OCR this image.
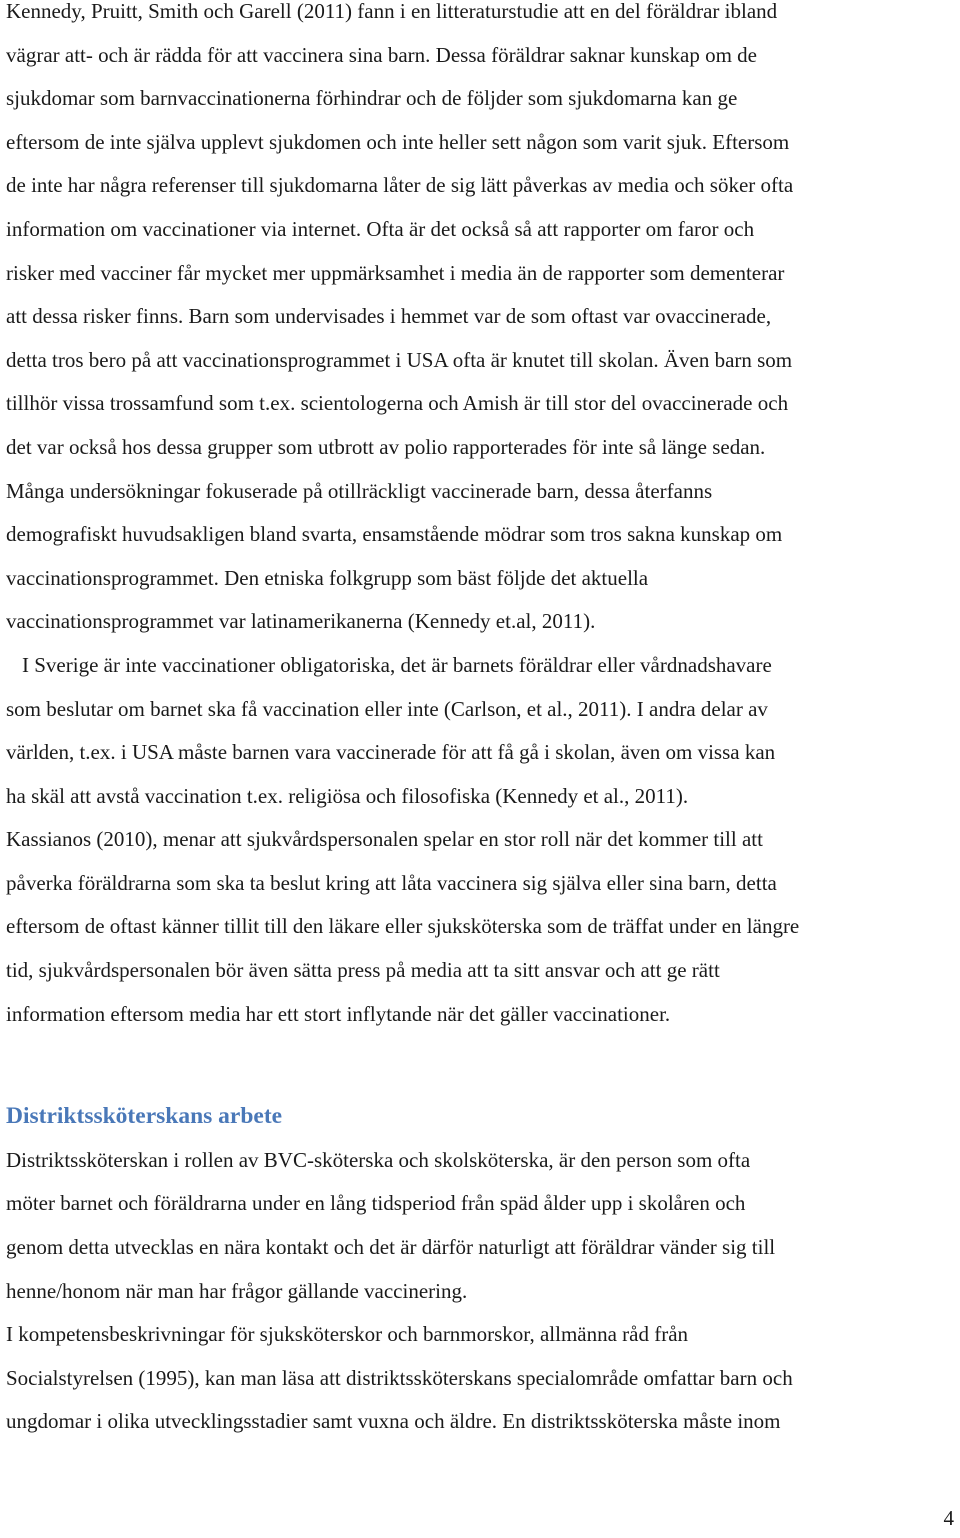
Kennedy, Pruitt, Smith och Garell (2011) fann i en litteraturstudie att en del föräldrar ibland
vägrar att- och är rädda för att vaccinera sina barn. Dessa föräldrar saknar kunskap om de
sjukdomar som barnvaccinationerna förhindrar och de följder som sjukdomarna kan ge
eftersom de inte själva upplevt sjukdomen och inte heller sett någon som varit sjuk. Eftersom
de inte har några referenser till sjukdomarna låter de sig lätt påverkas av media och söker ofta
information om vaccinationer via internet. Ofta är det också så att rapporter om faror och
risker med vacciner får mycket mer uppmärksamhet i media än de rapporter som dementerar
att dessa risker finns. Barn som undervisades i hemmet var de som oftast var ovaccinerade,
detta tros bero på att vaccinationsprogrammet i USA ofta är knutet till skolan. Även barn som
tillhör vissa trossamfund som t.ex. scientologerna och Amish är till stor del ovaccinerade och
det var också hos dessa grupper som utbrott av polio rapporterades för inte så länge sedan.
Många undersökningar fokuserade på otillräckligt vaccinerade barn, dessa återfanns
demografiskt huvudsakligen bland svarta, ensamstående mödrar som tros sakna kunskap om
vaccinationsprogrammet. Den etniska folkgrupp som bäst följde det aktuella
vaccinationsprogrammet var latinamerikanerna (Kennedy et.al, 2011).
I Sverige är inte vaccinationer obligatoriska, det är barnets föräldrar eller vårdnadshavare
som beslutar om barnet ska få vaccination eller inte (Carlson, et al., 2011). I andra delar av
världen, t.ex. i USA måste barnen vara vaccinerade för att få gå i skolan, även om vissa kan
ha skäl att avstå vaccination t.ex. religiösa och filosofiska (Kennedy et al., 2011).
Kassianos (2010), menar att sjukvårdspersonalen spelar en stor roll när det kommer till att
påverka föräldrarna som ska ta beslut kring att låta vaccinera sig själva eller sina barn, detta
eftersom de oftast känner tillit till den läkare eller sjuksköterska som de träffat under en längre
tid, sjukvårdspersonalen bör även sätta press på media att ta sitt ansvar och att ge rätt
information eftersom media har ett stort inflytande när det gäller vaccinationer.
Distriktssköterskans arbete
Distriktssköterskan i rollen av BVC-sköterska och skolsköterska, är den person som ofta
möter barnet och föräldrarna under en lång tidsperiod från späd ålder upp i skolåren och
genom detta utvecklas en nära kontakt och det är därför naturligt att föräldrar vänder sig till
henne/honom när man har frågor gällande vaccinering.
I kompetensbeskrivningar för sjuksköterskor och barnmorskor, allmänna råd från
Socialstyrelsen (1995), kan man läsa att distriktssköterskans specialområde omfattar barn och
ungdomar i olika utvecklingsstadier samt vuxna och äldre. En distriktssköterska måste inom
4
